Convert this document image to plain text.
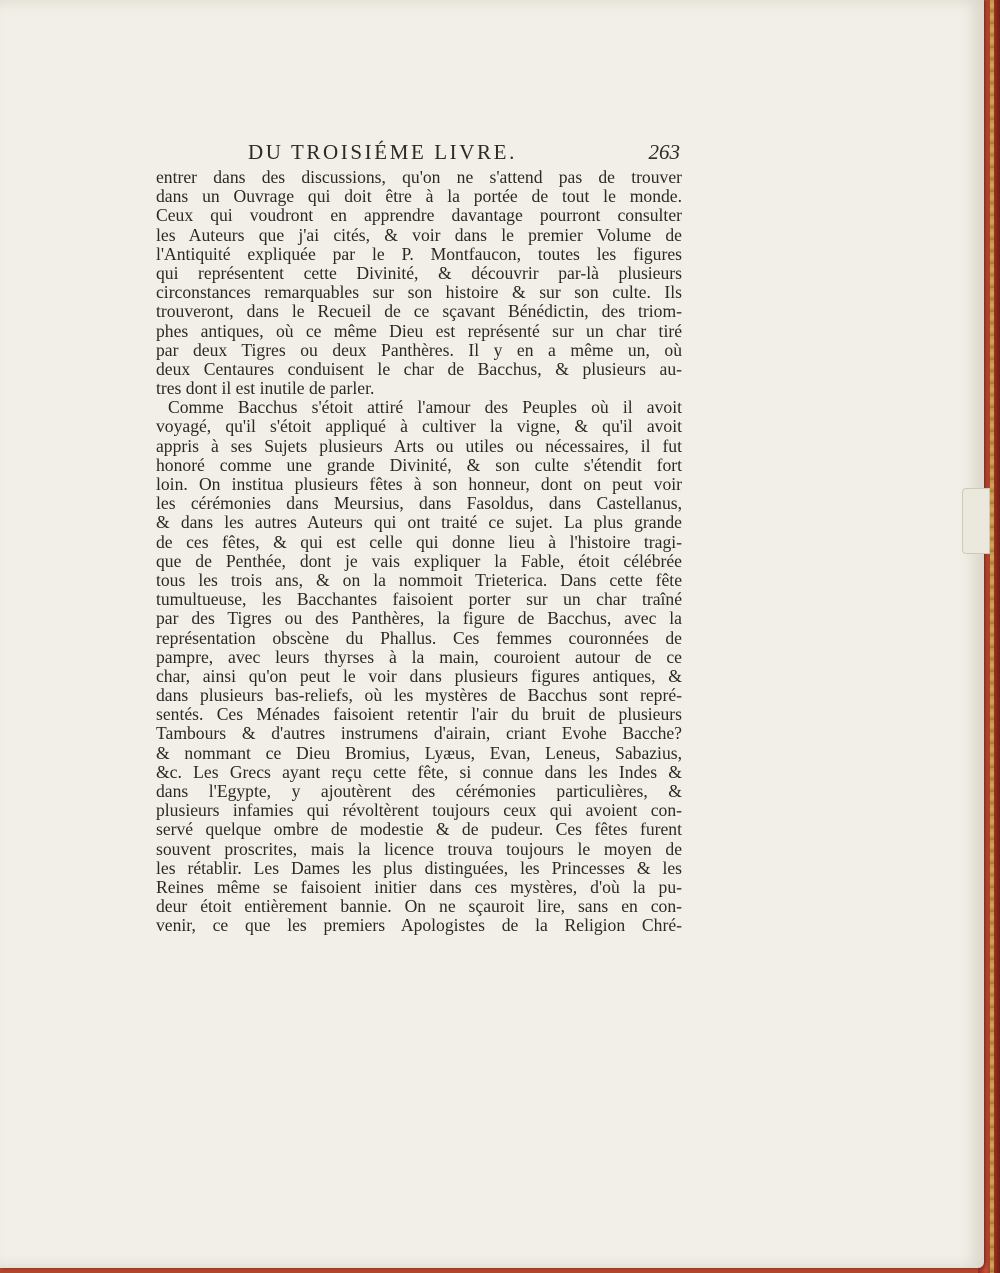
DU TROISIÉME LIVRE.	263
entrer dans des discussions, qu'on ne s'attend pas de trouver
dans un Ouvrage qui doit être à la portée de tout le monde.
Ceux qui voudront en apprendre davantage pourront consulter
les Auteurs que j'ai cités, & voir dans le premier Volume de
l'Antiquité expliquée par le P. Montfaucon, toutes les figures
qui représentent cette Divinité, & découvrir par-là plusieurs
circonstances remarquables sur son histoire & sur son culte. Ils
trouveront, dans le Recueil de ce sçavant Bénédictin, des triom-
phes antiques, où ce même Dieu est représenté sur un char tiré
par deux Tigres ou deux Panthères. Il y en a même un, où
deux Centaures conduisent le char de Bacchus, & plusieurs au-
tres dont il est inutile de parler.
Comme Bacchus s'étoit attiré l'amour des Peuples où il avoit
voyagé, qu'il s'étoit appliqué à cultiver la vigne, & qu'il avoit
appris à ses Sujets plusieurs Arts ou utiles ou nécessaires, il fut
honoré comme une grande Divinité, & son culte s'étendit fort
loin. On institua plusieurs fêtes à son honneur, dont on peut voir
les cérémonies dans Meursius, dans Fasoldus, dans Castellanus,
& dans les autres Auteurs qui ont traité ce sujet. La plus grande
de ces fêtes, & qui est celle qui donne lieu à l'histoire tragi-
que de Penthée, dont je vais expliquer la Fable, étoit célébrée
tous les trois ans, & on la nommoit Trieterica. Dans cette fête
tumultueuse, les Bacchantes faisoient porter sur un char traîné
par des Tigres ou des Panthères, la figure de Bacchus, avec la
représentation obscène du Phallus. Ces femmes couronnées de
pampre, avec leurs thyrses à la main, couroient autour de ce
char, ainsi qu'on peut le voir dans plusieurs figures antiques, &
dans plusieurs bas-reliefs, où les mystères de Bacchus sont repré-
sentés. Ces Ménades faisoient retentir l'air du bruit de plusieurs
Tambours & d'autres instrumens d'airain, criant Evohe Bacche?
& nommant ce Dieu Bromius, Lyæus, Evan, Leneus, Sabazius,
&c. Les Grecs ayant reçu cette fête, si connue dans les Indes &
dans l'Egypte, y ajoutèrent des cérémonies particulières, &
plusieurs infamies qui révoltèrent toujours ceux qui avoient con-
servé quelque ombre de modestie & de pudeur. Ces fêtes furent
souvent proscrites, mais la licence trouva toujours le moyen de
les rétablir. Les Dames les plus distinguées, les Princesses & les
Reines même se faisoient initier dans ces mystères, d'où la pu-
deur étoit entièrement bannie. On ne sçauroit lire, sans en con-
venir, ce que les premiers Apologistes de la Religion Chré-
